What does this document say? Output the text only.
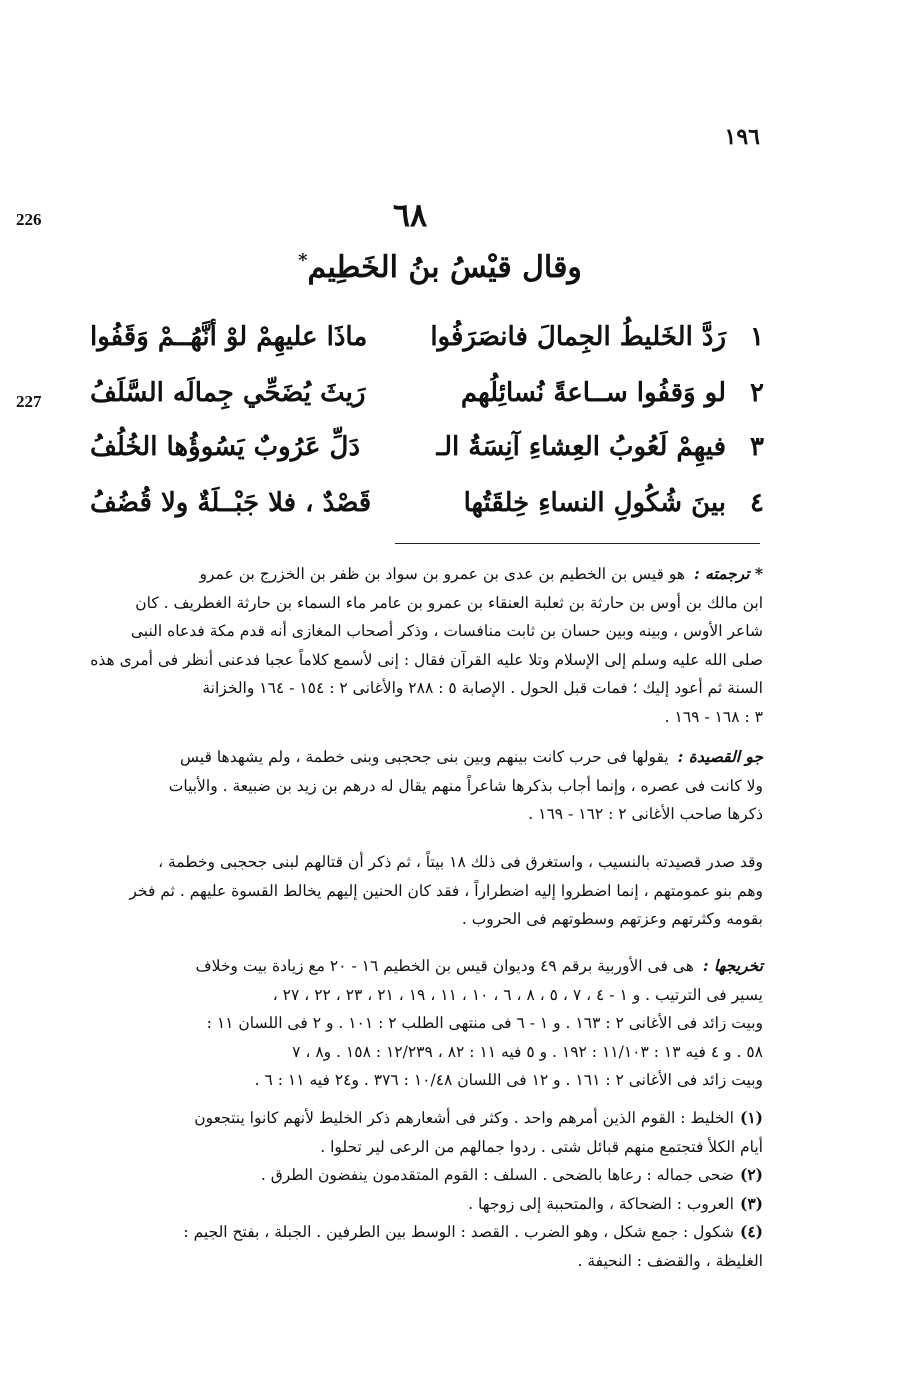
١٩٦
226
227
٦٨
وقال قيْسُ بنُ الخَطِيم*
١
رَدَّ الخَليطُ الجِمالَ فانصَرَفُوا
ماذَا عليهِمْ لوْ أنَّهُــمْ وَقَفُوا
٢
لو وَقفُوا ســاعةً نُسائِلُهم
رَيثَ يُضَحِّي جِمالَه السَّلَفُ
٣
فيهِمْ لَعُوبُ العِشاءِ آنِسَةُ الـ
دَلِّ عَرُوبٌ يَسُوؤُها الخُلُفُ
٤
بينَ شُكُولِ النساءِ خِلقَتُها
قَصْدٌ ، فلا جَبْــلَةٌ ولا قُضُفُ
* ترجمته : هو قيس بن الخطيم بن عدى بن عمرو بن سواد بن ظفر بن الخزرج بن عمرو
ابن مالك بن أوس بن حارثة بن ثعلبة العنقاء بن عمرو بن عامر ماء السماء بن حارثة الغطريف . كان
شاعر الأوس ، وبينه وبين حسان بن ثابت منافسات ، وذكر أصحاب المغازى أنه قدم مكة فدعاه النبى
صلى الله عليه وسلم إلى الإسلام وتلا عليه القرآن فقال : إنى لأسمع كلاماً عجبا فدعنى أنظر فى أمرى هذه
السنة ثم أعود إليك ؛ فمات قبل الحول . الإصابة ٥ : ٢٨٨ والأغانى ٢ : ١٥٤ - ١٦٤ والخزانة
٣ : ١٦٨ - ١٦٩ .
جو القصيدة : يقولها فى حرب كانت بينهم وبين بنى جحجبى وبنى خطمة ، ولم يشهدها قيس
ولا كانت فى عصره ، وإنما أجاب بذكرها شاعراً منهم يقال له درهم بن زيد بن ضبيعة . والأبيات
ذكرها صاحب الأغانى ٢ : ١٦٢ - ١٦٩ .
وقد صدر قصيدته بالنسيب ، واستغرق فى ذلك ١٨ بيتاً ، ثم ذكر أن قتالهم لبنى جحجبى وخطمة ،
وهم بنو عمومتهم ، إنما اضطروا إليه اضطراراً ، فقد كان الحنين إليهم يخالط القسوة عليهم . ثم فخر
بقومه وكثرتهم وعزتهم وسطوتهم فى الحروب .
تخريجها : هى فى الأوربية برقم ٤٩ وديوان قيس بن الخطيم ١٦ - ٢٠ مع زيادة بيت وخلاف
يسير فى الترتيب . و ١ - ٤ ، ٧ ، ٥ ، ٨ ، ٦ ، ١٠ ، ١١ ، ١٩ ، ٢١ ، ٢٣ ، ٢٢ ، ٢٧ ،
وبيت زائد فى الأغانى ٢ : ١٦٣ . و ١ - ٦ فى منتهى الطلب ٢ : ١٠١ . و ٢ فى اللسان ١١ :
٥٨ . و ٤ فيه ١٣ : ١١/١٠٣ : ١٩٢ . و ٥ فيه ١١ : ٨٢ ، ١٢/٢٣٩ : ١٥٨ . و٨ ، ٧
وبيت زائد فى الأغانى ٢ : ١٦١ . و ١٢ فى اللسان ١٠/٤٨ : ٣٧٦ . و٢٤ فيه ١١ : ٦ .
(١)الخليط : القوم الذين أمرهم واحد . وكثر فى أشعارهم ذكر الخليط لأنهم كانوا ينتجعون
أيام الكلأ فتجتمع منهم قبائل شتى . ردوا جمالهم من الرعى لير تحلوا .
(٢)ضحى جماله : رعاها بالضحى . السلف : القوم المتقدمون ينفضون الطرق .
(٣)العروب : الضحاكة ، والمتحببة إلى زوجها .
(٤)شكول : جمع شكل ، وهو الضرب . القصد : الوسط بين الطرفين . الجبلة ، بفتح الجيم :
الغليظة ، والقضف : النحيفة .
